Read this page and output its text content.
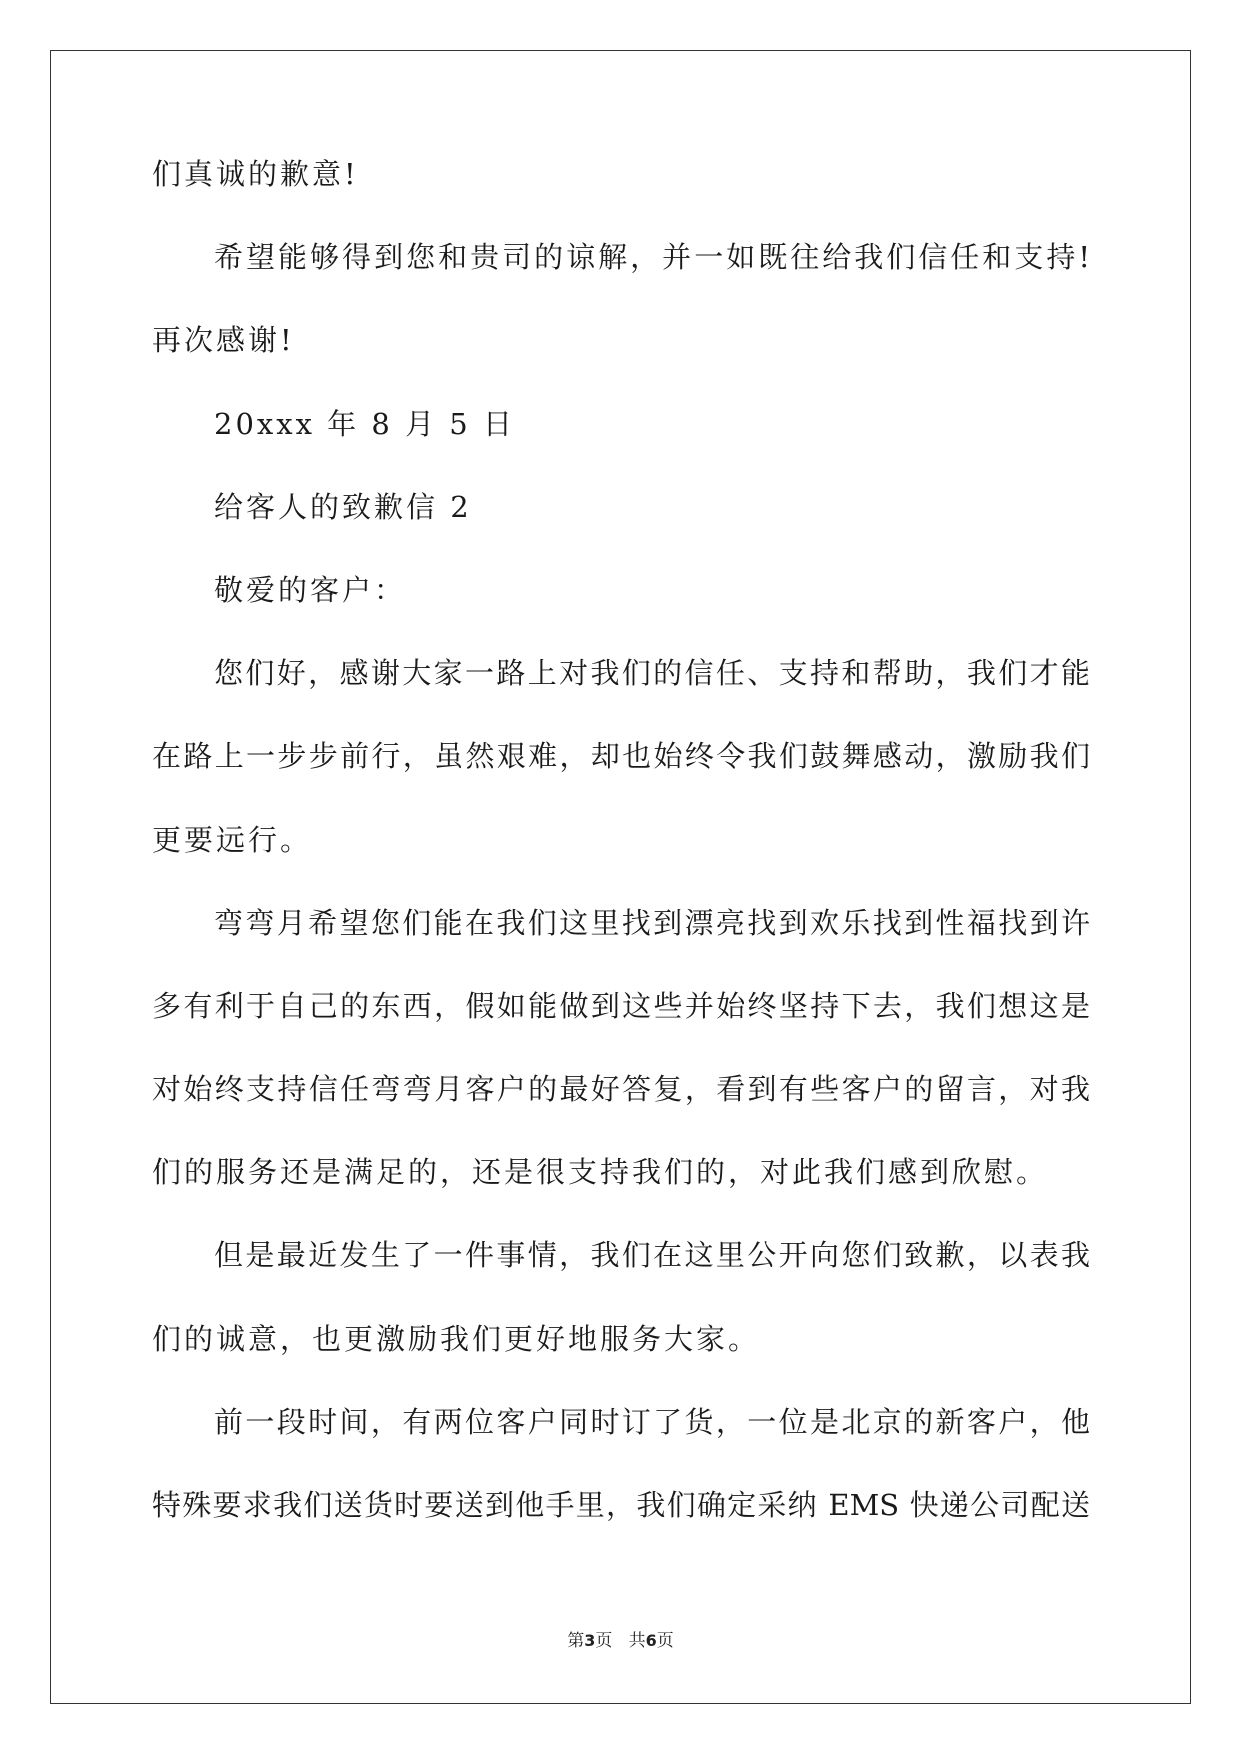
们真诚的歉意!
希望能够得到您和贵司的谅解，并一如既往给我们信任和支持!
再次感谢!
20xxx 年 8 月 5 日
给客人的致歉信 2
敬爱的客户：
您们好，感谢大家一路上对我们的信任、支持和帮助，我们才能
在路上一步步前行，虽然艰难，却也始终令我们鼓舞感动，激励我们
更要远行。
弯弯月希望您们能在我们这里找到漂亮找到欢乐找到性福找到许
多有利于自己的东西，假如能做到这些并始终坚持下去，我们想这是
对始终支持信任弯弯月客户的最好答复，看到有些客户的留言，对我
们的服务还是满足的，还是很支持我们的，对此我们感到欣慰。
但是最近发生了一件事情，我们在这里公开向您们致歉，以表我
们的诚意，也更激励我们更好地服务大家。
前一段时间，有两位客户同时订了货，一位是北京的新客户，他
特殊要求我们送货时要送到他手里，我们确定采纳 EMS 快递公司配送
第3页 共6页
